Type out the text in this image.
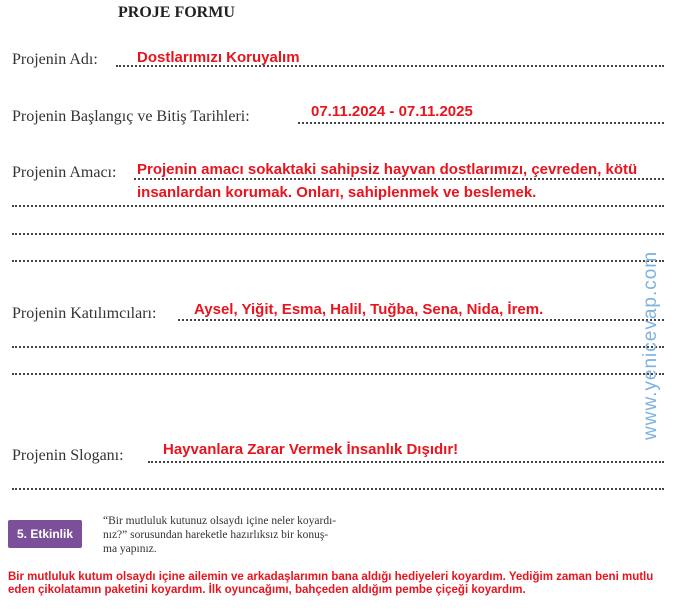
PROJE FORMU
Projenin Adı:	Dostlarımızı Koruyalım
Projenin Başlangıç ve Bitiş Tarihleri:	07.11.2024 - 07.11.2025
Projenin Amacı: Projenin amacı sokaktaki sahipsiz hayvan dostlarımızı, çevreden, kötü
insanlardan korumak. Onları, sahiplenmek ve beslemek.
Projenin Katılımcıları:	Aysel, Yiğit, Esma, Halil, Tuğba, Sena, Nida, İrem.
Projenin Sloganı:	Hayvanlara Zarar Vermek İnsanlık Dışıdır!
www.yenicevap.com
5. Etkinlik
“Bir mutluluk kutunuz olsaydı içine neler koyardı-
nız?” sorusundan hareketle hazırlıksız bir konuş-
ma yapınız.
Bir mutluluk kutum olsaydı içine ailemin ve arkadaşlarımın bana aldığı hediyeleri koyardım. Yediğim zaman beni mutlu
eden çikolatamın paketini koyardım. İlk oyuncağımı, bahçeden aldığım pembe çiçeği koyardım.
